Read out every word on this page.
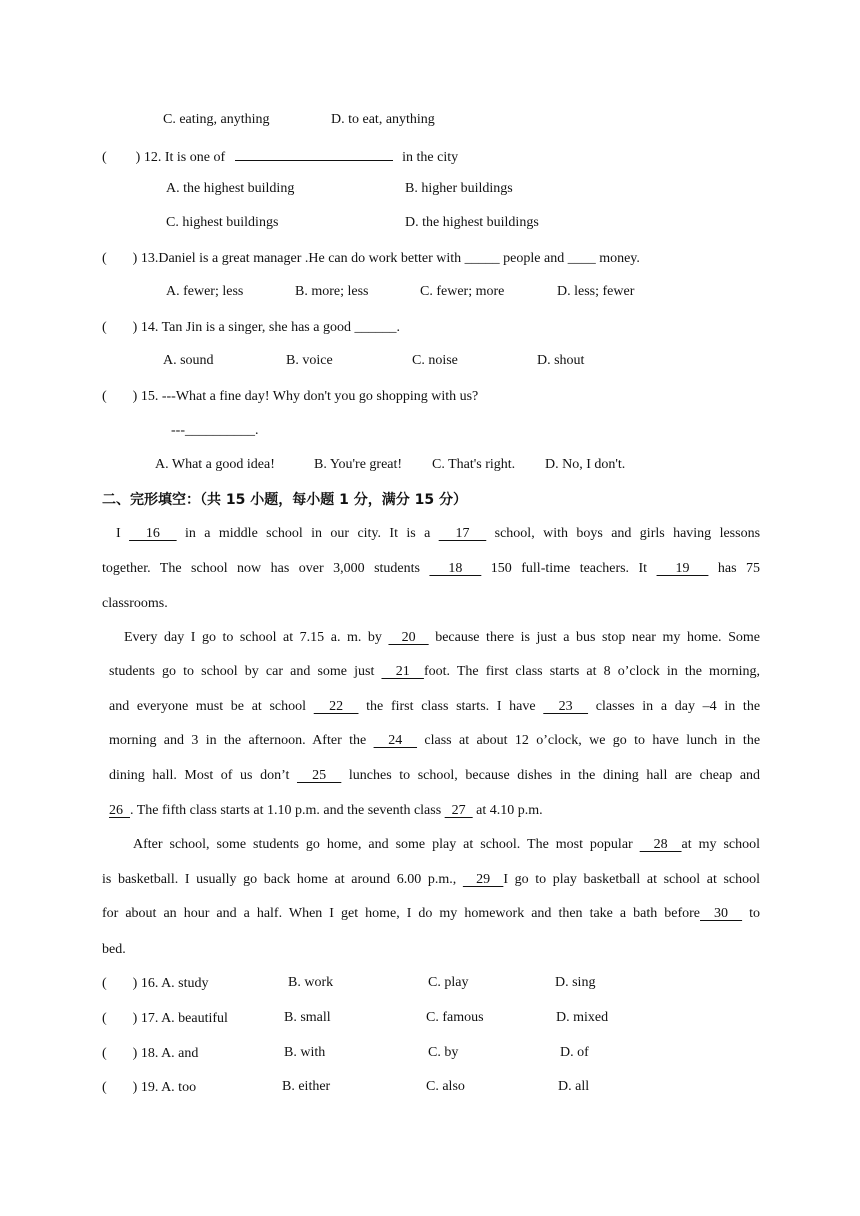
C. eating, anything	D. to eat, anything
( ) 12. It is one of	in the city
A. the highest building	B. higher buildings
C. highest buildings	D. the highest buildings
( ) 13.Daniel is a great manager .He can do work better with _____ people and ____ money.
A. fewer; less	B. more; less	C. fewer; more	D. less; fewer
( ) 14. Tan Jin is a singer, she has a good ______.
A. sound	B. voice	C. noise	D. shout
( ) 15. ---What a fine day! Why don't you go shopping with us?
---__________.
A. What a good idea!	B. You're great! C. That's right. D. No, I don't.
二、完形填空：（共 15 小题，每小题 1 分，满分 15 分）
I   16   in a middle school in our city. It is a   17   school, with boys and girls having lessons
together. The school now has over 3,000 students   18   150 full-time teachers. It   19   has 75
classrooms.
Every day I go to school at 7.15 a. m. by   20   because there is just a bus stop near my home. Some
students go to school by car and some just   21  foot. The first class starts at 8 o’clock in the morning,
and everyone must be at school   22   the first class starts. I have   23   classes in a day –4 in the
morning and 3 in the afternoon. After the   24   class at about 12 o’clock, we go to have lunch in the
dining hall. Most of us don’t   25   lunches to school, because dishes in the dining hall are cheap and
26  . The fifth class starts at 1.10 p.m. and the seventh class   27   at 4.10 p.m.
After school, some students go home, and some play at school. The most popular   28  at my school
is basketball. I usually go back home at around 6.00 p.m.,   29  I go to play basketball at school at school
for about an hour and a half. When I get home, I do my homework and then take a bath before  30   to
bed.
( ) 16. A. study	B. work	C. play	D. sing
( ) 17. A. beautiful	B. small	C. famous	D. mixed
( ) 18. A. and	B. with	C. by	D. of
( ) 19. A. too	B. either	C. also	D. all
